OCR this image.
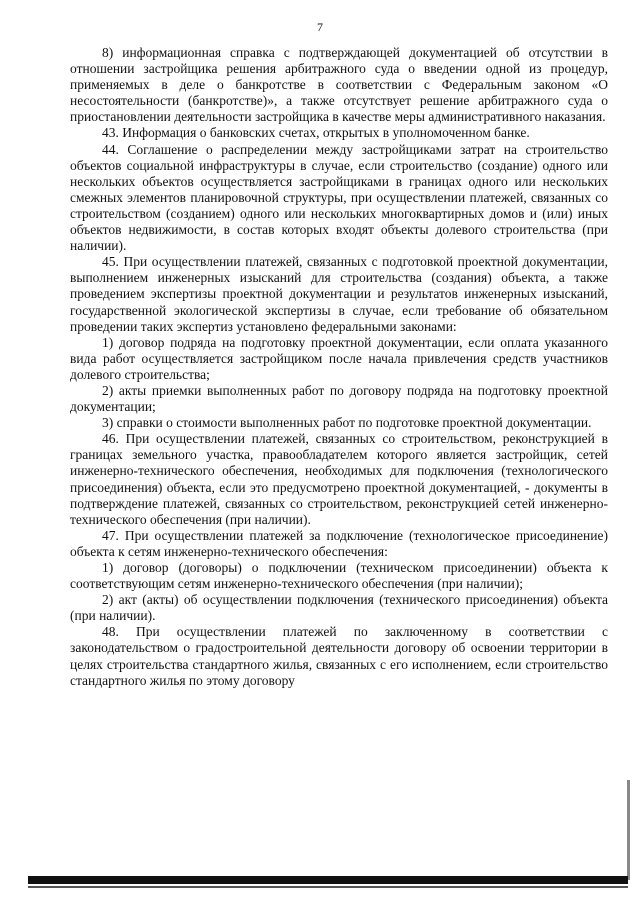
7

8) информационная справка с подтверждающей документацией об отсутствии в отношении застройщика решения арбитражного суда о введении одной из процедур, применяемых в деле о банкротстве в соответствии с Федеральным законом «О несостоятельности (банкротстве)», а также отсутствует решение арбитражного суда о приостановлении деятельности застройщика в качестве меры административного наказания.

43. Информация о банковских счетах, открытых в уполномоченном банке.

44. Соглашение о распределении между застройщиками затрат на строительство объектов социальной инфраструктуры в случае, если строительство (создание) одного или нескольких объектов осуществляется застройщиками в границах одного или нескольких смежных элементов планировочной структуры, при осуществлении платежей, связанных со строительством (созданием) одного или нескольких многоквартирных домов и (или) иных объектов недвижимости, в состав которых входят объекты долевого строительства (при наличии).

45. При осуществлении платежей, связанных с подготовкой проектной документации, выполнением инженерных изысканий для строительства (создания) объекта, а также проведением экспертизы проектной документации и результатов инженерных изысканий, государственной экологической экспертизы в случае, если требование об обязательном проведении таких экспертиз установлено федеральными законами:

1) договор подряда на подготовку проектной документации, если оплата указанного вида работ осуществляется застройщиком после начала привлечения средств участников долевого строительства;

2) акты приемки выполненных работ по договору подряда на подготовку проектной документации;

3) справки о стоимости выполненных работ по подготовке проектной документации.

46. При осуществлении платежей, связанных со строительством, реконструкцией в границах земельного участка, правообладателем которого является застройщик, сетей инженерно-технического обеспечения, необходимых для подключения (технологического присоединения) объекта, если это предусмотрено проектной документацией, - документы в подтверждение платежей, связанных со строительством, реконструкцией сетей инженерно-технического обеспечения (при наличии).

47. При осуществлении платежей за подключение (технологическое присоединение) объекта к сетям инженерно-технического обеспечения:

1) договор (договоры) о подключении (техническом присоединении) объекта к соответствующим сетям инженерно-технического обеспечения (при наличии);

2) акт (акты) об осуществлении подключения (технического присоединения) объекта (при наличии).

48. При осуществлении платежей по заключенному в соответствии с законодательством о градостроительной деятельности договору об освоении территории в целях строительства стандартного жилья, связанных с его исполнением, если строительство стандартного жилья по этому договору
